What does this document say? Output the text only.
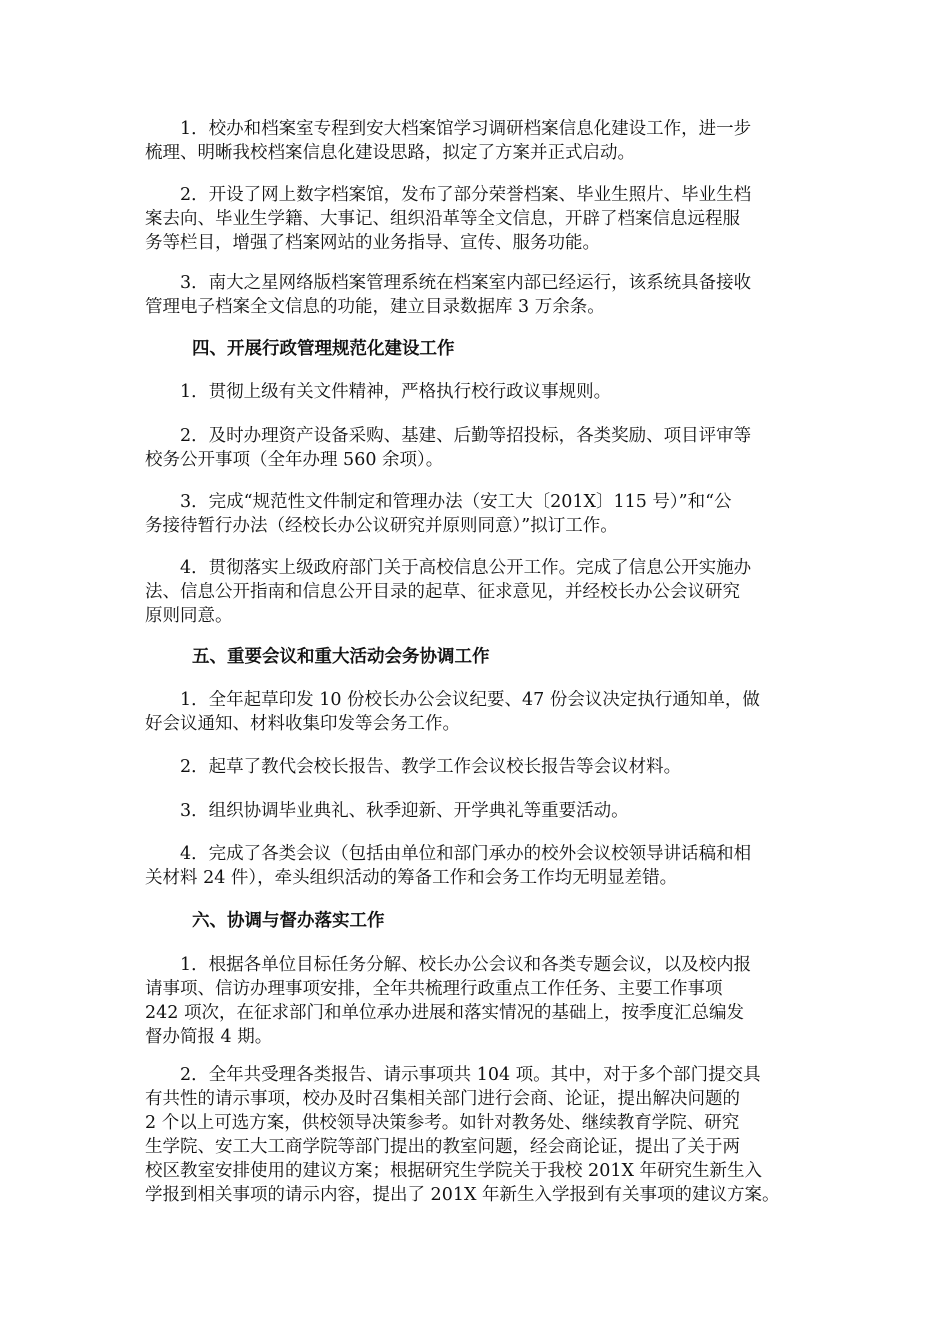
　　1．校办和档案室专程到安大档案馆学习调研档案信息化建设工作，进一步
梳理、明晰我校档案信息化建设思路，拟定了方案并正式启动。
　　2．开设了网上数字档案馆，发布了部分荣誉档案、毕业生照片、毕业生档
案去向、毕业生学籍、大事记、组织沿革等全文信息，开辟了档案信息远程服
务等栏目，增强了档案网站的业务指导、宣传、服务功能。
　　3．南大之星网络版档案管理系统在档案室内部已经运行，该系统具备接收
管理电子档案全文信息的功能，建立目录数据库 3 万余条。
四、开展行政管理规范化建设工作
　　1．贯彻上级有关文件精神，严格执行校行政议事规则。
　　2．及时办理资产设备采购、基建、后勤等招投标，各类奖励、项目评审等
校务公开事项（全年办理 560 余项）。
　　3．完成“规范性文件制定和管理办法（安工大〔201X〕115 号）”和“公
务接待暂行办法（经校长办公议研究并原则同意）”拟订工作。
　　4．贯彻落实上级政府部门关于高校信息公开工作。完成了信息公开实施办
法、信息公开指南和信息公开目录的起草、征求意见，并经校长办公会议研究
原则同意。
五、重要会议和重大活动会务协调工作
　　1．全年起草印发 10 份校长办公会议纪要、47 份会议决定执行通知单，做
好会议通知、材料收集印发等会务工作。
　　2．起草了教代会校长报告、教学工作会议校长报告等会议材料。
　　3．组织协调毕业典礼、秋季迎新、开学典礼等重要活动。
　　4．完成了各类会议（包括由单位和部门承办的校外会议校领导讲话稿和相
关材料 24 件），牵头组织活动的筹备工作和会务工作均无明显差错。
六、协调与督办落实工作
　　1．根据各单位目标任务分解、校长办公会议和各类专题会议，以及校内报
请事项、信访办理事项安排，全年共梳理行政重点工作任务、主要工作事项
242 项次，在征求部门和单位承办进展和落实情况的基础上，按季度汇总编发
督办简报 4 期。
　　2．全年共受理各类报告、请示事项共 104 项。其中，对于多个部门提交具
有共性的请示事项，校办及时召集相关部门进行会商、论证，提出解决问题的
2 个以上可选方案，供校领导决策参考。如针对教务处、继续教育学院、研究
生学院、安工大工商学院等部门提出的教室问题，经会商论证，提出了关于两
校区教室安排使用的建议方案；根据研究生学院关于我校 201X 年研究生新生入
学报到相关事项的请示内容，提出了 201X 年新生入学报到有关事项的建议方案。
